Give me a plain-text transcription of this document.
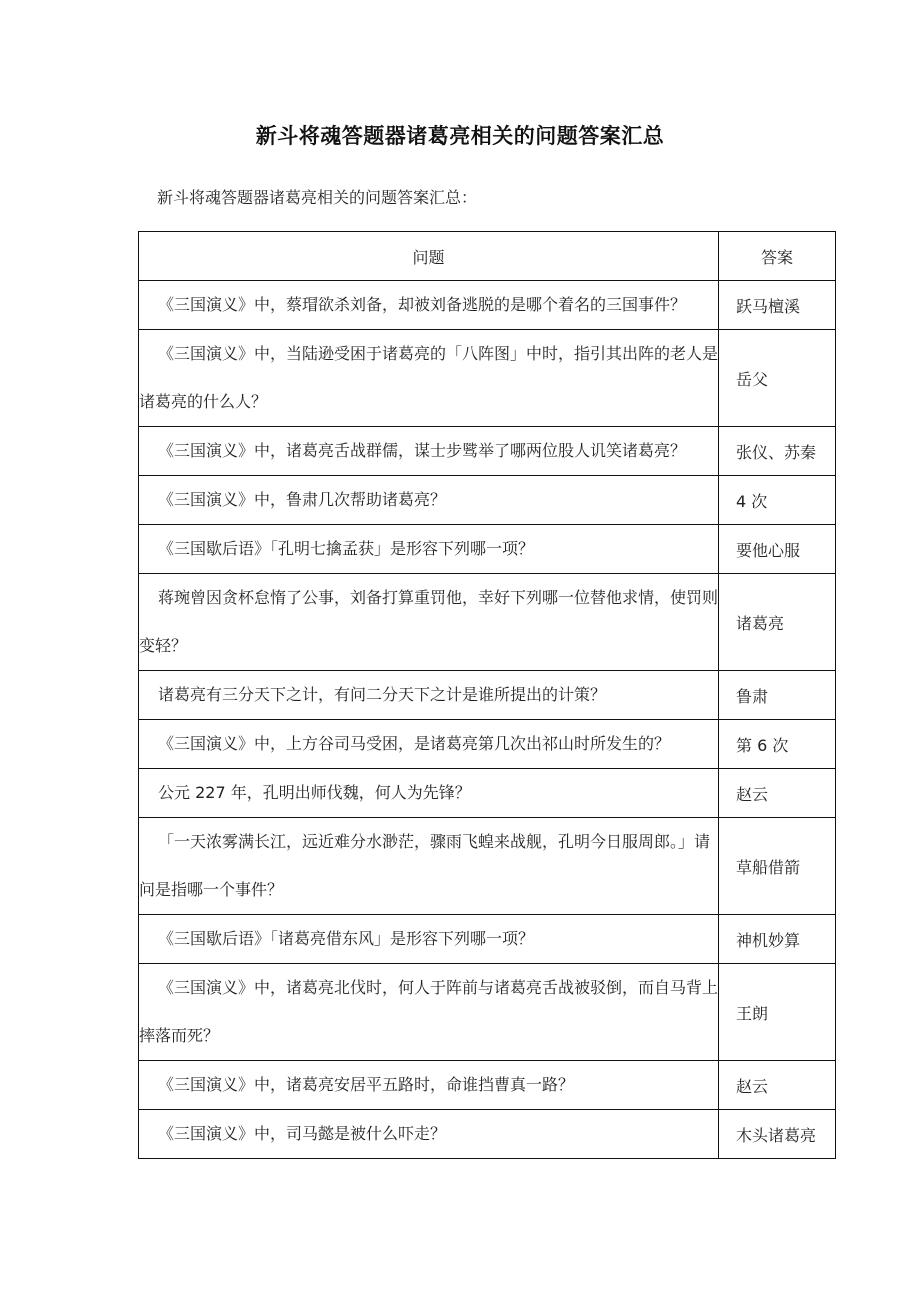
新斗将魂答题器诸葛亮相关的问题答案汇总
新斗将魂答题器诸葛亮相关的问题答案汇总：
问题	答案
《三国演义》中，蔡瑁欲杀刘备，却被刘备逃脱的是哪个着名的三国事件？	跃马檀溪
《三国演义》中，当陆逊受困于诸葛亮的「八阵图」中时，指引其出阵的老人是诸葛亮的什么人？	岳父
《三国演义》中，诸葛亮舌战群儒，谋士步骘举了哪两位股人讥笑诸葛亮？	张仪、苏秦
《三国演义》中，鲁肃几次帮助诸葛亮？	4 次
《三国歇后语》「孔明七擒孟获」是形容下列哪一项？	要他心服
蒋琬曾因贪杯怠惰了公事，刘备打算重罚他，幸好下列哪一位替他求情，使罚则变轻？	诸葛亮
诸葛亮有三分天下之计，有问二分天下之计是谁所提出的计策？	鲁肃
《三国演义》中，上方谷司马受困，是诸葛亮第几次出祁山时所发生的？	第 6 次
公元 227 年，孔明出师伐魏，何人为先锋？	赵云
「一天浓雾满长江，远近难分水渺茫，骤雨飞蝗来战舰，孔明今日服周郎。」请问是指哪一个事件？	草船借箭
《三国歇后语》「诸葛亮借东风」是形容下列哪一项？	神机妙算
《三国演义》中，诸葛亮北伐时，何人于阵前与诸葛亮舌战被驳倒，而自马背上摔落而死？	王朗
《三国演义》中，诸葛亮安居平五路时，命谁挡曹真一路？	赵云
《三国演义》中，司马懿是被什么吓走？	木头诸葛亮
